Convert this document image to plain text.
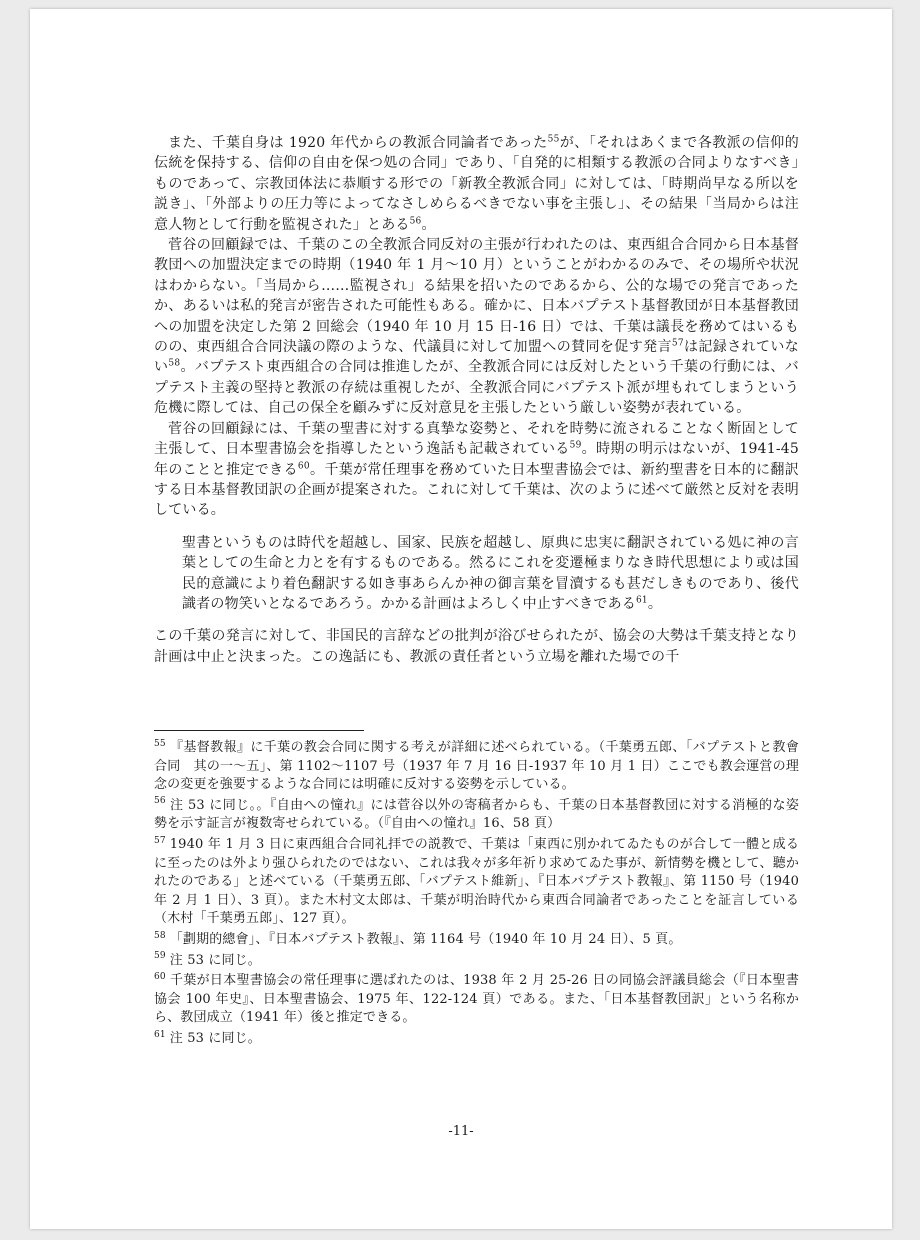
また、千葉自身は 1920 年代からの教派合同論者であった$^{55}$が、「それはあくまで各教派の信仰的伝統を保持する、信仰の自由を保つ処の合同」であり、「自発的に相類する教派の合同よりなすべき」ものであって、宗教団体法に恭順する形での「新教全教派合同」に対しては、「時期尚早なる所以を説き」、「外部よりの圧力等によってなさしめらるべきでない事を主張し」、その結果「当局からは注意人物として行動を監視された」とある$^{56}$。

菅谷の回顧録では、千葉のこの全教派合同反対の主張が行われたのは、東西組合合同から日本基督教団への加盟決定までの時期（1940 年 1 月～10 月）ということがわかるのみで、その場所や状況はわからない。「当局から……監視され」る結果を招いたのであるから、公的な場での発言であったか、あるいは私的発言が密告された可能性もある。確かに、日本バプテスト基督教団が日本基督教団への加盟を決定した第 2 回総会（1940 年 10 月 15 日-16 日）では、千葉は議長を務めてはいるものの、東西組合合同決議の際のような、代議員に対して加盟への賛同を促す発言$^{57}$は記録されていない$^{58}$。バプテスト東西組合の合同は推進したが、全教派合同には反対したという千葉の行動には、バプテスト主義の堅持と教派の存続は重視したが、全教派合同にバプテスト派が埋もれてしまうという危機に際しては、自己の保全を顧みずに反対意見を主張したという厳しい姿勢が表れている。

菅谷の回顧録には、千葉の聖書に対する真摯な姿勢と、それを時勢に流されることなく断固として主張して、日本聖書協会を指導したという逸話も記載されている$^{59}$。時期の明示はないが、1941-45 年のことと推定できる$^{60}$。千葉が常任理事を務めていた日本聖書協会では、新約聖書を日本的に翻訳する日本基督教団訳の企画が提案された。これに対して千葉は、次のように述べて厳然と反対を表明している。

聖書というものは時代を超越し、国家、民族を超越し、原典に忠実に翻訳されている処に神の言葉としての生命と力とを有するものである。然るにこれを変遷極まりなき時代思想により或は国民的意識により着色翻訳する如き事あらんか神の御言葉を冒瀆するも甚だしきものであり、後代識者の物笑いとなるであろう。かかる計画はよろしく中止すべきである$^{61}$。

この千葉の発言に対して、非国民的言辞などの批判が浴びせられたが、協会の大勢は千葉支持となり計画は中止と決まった。この逸話にも、教派の責任者という立場を離れた場での千

$^{55}$ 『基督教報』に千葉の教会合同に関する考えが詳細に述べられている。（千葉勇五郎、「バプテストと教會合同　其の一～五」、第 1102～1107 号（1937 年 7 月 16 日-1937 年 10 月 1 日）ここでも教会運営の理念の変更を強要するような合同には明確に反対する姿勢を示している。

$^{56}$ 注 53 に同じ。。『自由への憧れ』には菅谷以外の寄稿者からも、千葉の日本基督教団に対する消極的な姿勢を示す証言が複数寄せられている。（『自由への憧れ』16、58 頁）

$^{57}$ 1940 年 1 月 3 日に東西組合合同礼拝での説教で、千葉は「東西に別かれてゐたものが合して一體と成るに至ったのは外より强ひられたのではない、これは我々が多年祈り求めてゐた事が、新情勢を機として、聽かれたのである」と述べている（千葉勇五郎、「バプテスト維新」、『日本バプテスト教報』、第 1150 号（1940 年 2 月 1 日）、3 頁）。また木村文太郎は、千葉が明治時代から東西合同論者であったことを証言している（木村「千葉勇五郎」、127 頁）。

$^{58}$ 「劃期的總會」、『日本バプテスト教報』、第 1164 号（1940 年 10 月 24 日）、5 頁。

$^{59}$ 注 53 に同じ。

$^{60}$ 千葉が日本聖書協会の常任理事に選ばれたのは、1938 年 2 月 25-26 日の同協会評議員総会（『日本聖書協会 100 年史』、日本聖書協会、1975 年、122-124 頁）である。また、「日本基督教団訳」という名称から、教団成立（1941 年）後と推定できる。

$^{61}$ 注 53 に同じ。

-11-
